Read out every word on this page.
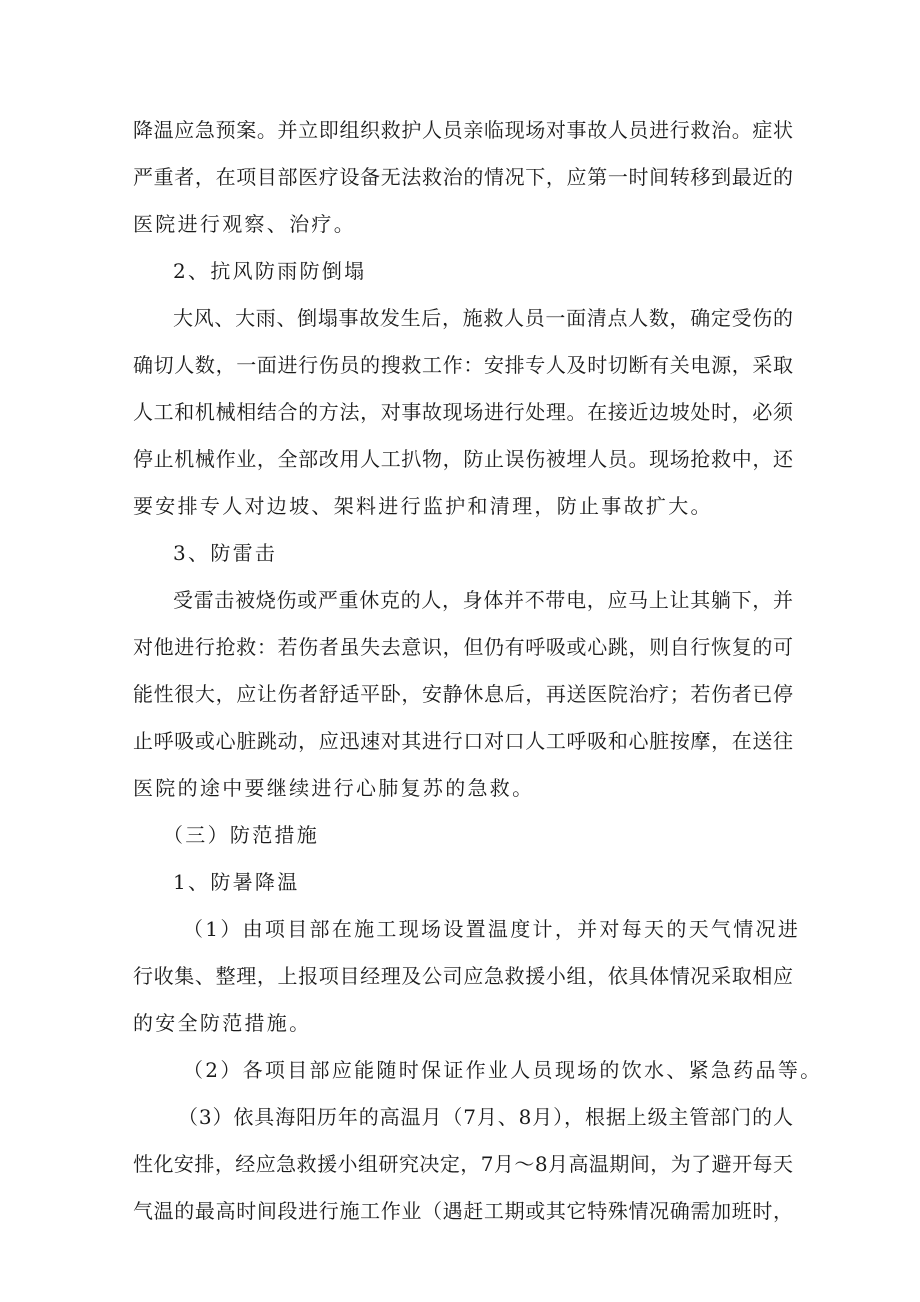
降温应急预案。并立即组织救护人员亲临现场对事故人员进行救治。症状
严重者，在项目部医疗设备无法救治的情况下，应第一时间转移到最近的
医院进行观察、治疗。
2、抗风防雨防倒塌
大风、大雨、倒塌事故发生后，施救人员一面清点人数，确定受伤的
确切人数，一面进行伤员的搜救工作：安排专人及时切断有关电源，采取
人工和机械相结合的方法，对事故现场进行处理。在接近边坡处时，必须
停止机械作业，全部改用人工扒物，防止误伤被埋人员。现场抢救中，还
要安排专人对边坡、架料进行监护和清理，防止事故扩大。
3、防雷击
受雷击被烧伤或严重休克的人，身体并不带电，应马上让其躺下，并
对他进行抢救：若伤者虽失去意识，但仍有呼吸或心跳，则自行恢复的可
能性很大，应让伤者舒适平卧，安静休息后，再送医院治疗；若伤者已停
止呼吸或心脏跳动，应迅速对其进行口对口人工呼吸和心脏按摩，在送往
医院的途中要继续进行心肺复苏的急救。
（三）防范措施
1、防暑降温
（1）由项目部在施工现场设置温度计，并对每天的天气情况进
行收集、整理，上报项目经理及公司应急救援小组，依具体情况采取相应
的安全防范措施。
（2）各项目部应能随时保证作业人员现场的饮水、紧急药品等。
（3）依具海阳历年的高温月（7月、8月），根据上级主管部门的人
性化安排，经应急救援小组研究决定，7月～8月高温期间，为了避开每天
气温的最高时间段进行施工作业（遇赶工期或其它特殊情况确需加班时，
